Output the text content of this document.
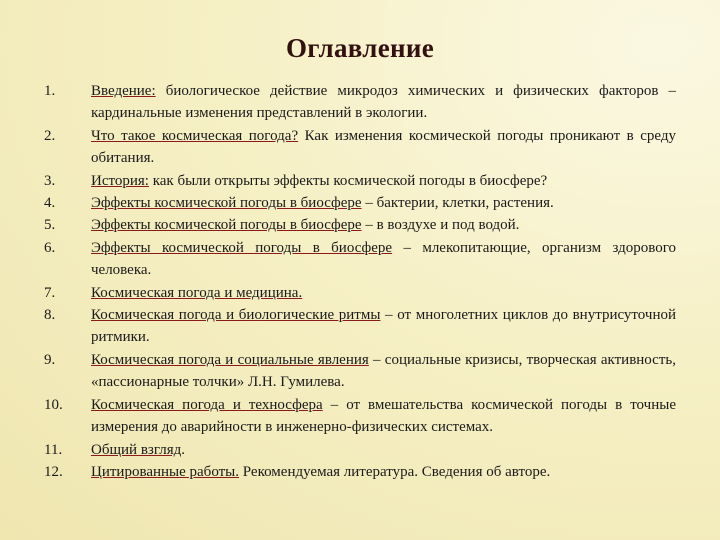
Оглавление
1.	Введение: биологическое действие микродоз химических и физических факторов – кардинальные изменения представлений в экологии.
2.	Что такое космическая погода? Как изменения космической погоды проникают в среду обитания.
3.	История: как были открыты эффекты космической погоды в биосфере?
4.	Эффекты космической погоды в биосфере – бактерии, клетки, растения.
5.	Эффекты космической погоды в биосфере – в воздухе и под водой.
6.	Эффекты космической погоды в биосфере – млекопитающие, организм здорового человека.
7.	Космическая погода и медицина.
8.	Космическая погода и биологические ритмы – от многолетних циклов до внутрисуточной ритмики.
9.	Космическая погода и социальные явления – социальные кризисы, творческая активность, «пассионарные толчки» Л.Н. Гумилева.
10.	Космическая погода и техносфера – от вмешательства космической погоды в точные измерения до аварийности в инженерно-физических системах.
11.	Общий взгляд.
12.	Цитированные работы. Рекомендуемая литература. Сведения об авторе.
